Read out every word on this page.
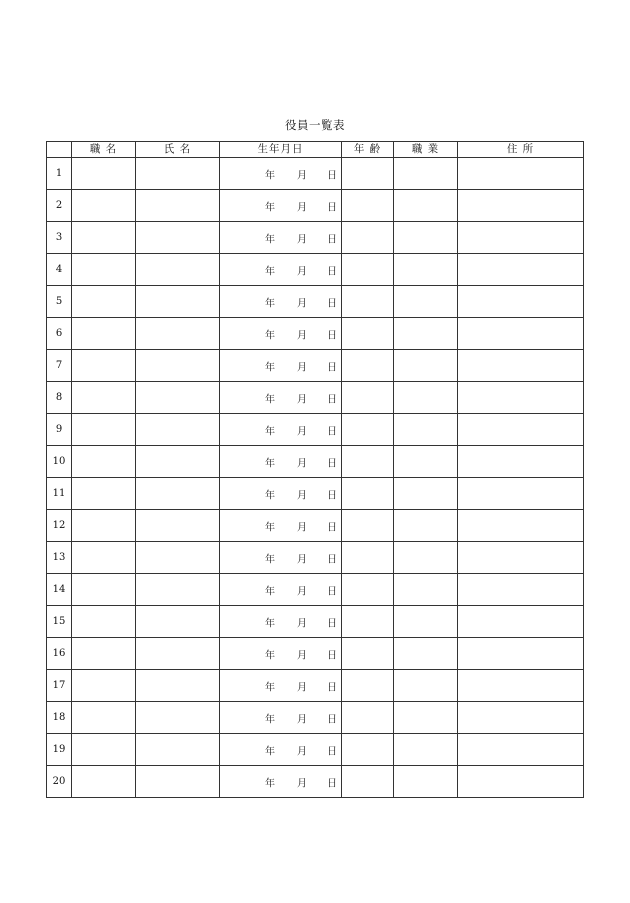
役員一覧表
	職 名	氏 名	生年月日	年 齢	職 業	住 所
1			年 月 日			

2			年 月 日			

3			年 月 日			

4			年 月 日			

5			年 月 日			

6			年 月 日			

7			年 月 日			

8			年 月 日			

9			年 月 日			

10			年 月 日			

11			年 月 日			

12			年 月 日			

13			年 月 日			

14			年 月 日			

15			年 月 日			

16			年 月 日			

17			年 月 日			

18			年 月 日			

19			年 月 日			

20			年 月 日			
